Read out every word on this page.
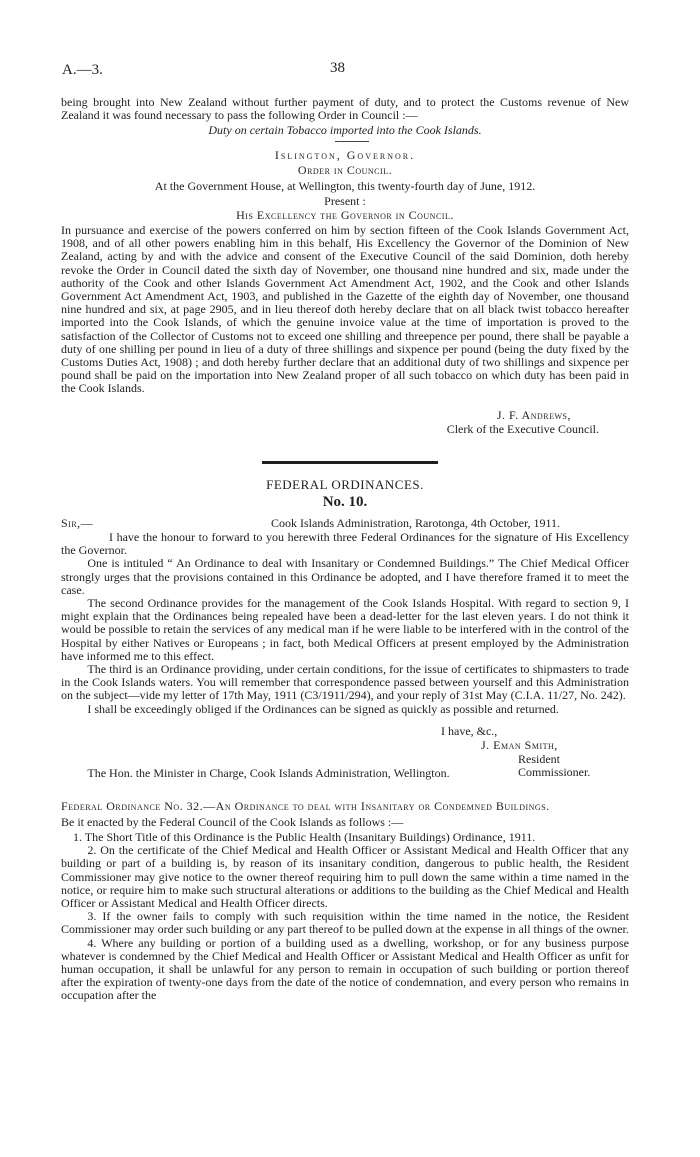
A.—3.	38

being brought into New Zealand without further payment of duty, and to protect the Customs revenue of New Zealand it was found necessary to pass the following Order in Council :—

Duty on certain Tobacco imported into the Cook Islands.
Islington, Governor.
Order in Council.
At the Government House, at Wellington, this twenty-fourth day of June, 1912.
Present :
His Excellency the Governor in Council.

In pursuance and exercise of the powers conferred on him by section fifteen of the Cook Islands Government Act, 1908, and of all other powers enabling him in this behalf, His Excellency the Governor of the Dominion of New Zealand, acting by and with the advice and consent of the Executive Council of the said Dominion, doth hereby revoke the Order in Council dated the sixth day of November, one thousand nine hundred and six, made under the authority of the Cook and other Islands Government Act Amendment Act, 1902, and the Cook and other Islands Government Act Amendment Act, 1903, and published in the Gazette of the eighth day of November, one thousand nine hundred and six, at page 2905, and in lieu thereof doth hereby declare that on all black twist tobacco hereafter imported into the Cook Islands, of which the genuine invoice value at the time of importation is proved to the satisfaction of the Collector of Customs not to exceed one shilling and threepence per pound, there shall be payable a duty of one shilling per pound in lieu of a duty of three shillings and sixpence per pound (being the duty fixed by the Customs Duties Act, 1908) ; and doth hereby further declare that an additional duty of two shillings and sixpence per pound shall be paid on the importation into New Zealand proper of all such tobacco on which duty has been paid in the Cook Islands.

J. F. Andrews,
Clerk of the Executive Council.
FEDERAL ORDINANCES.
No. 10.
Sir,—	Cook Islands Administration, Rarotonga, 4th October, 1911.

I have the honour to forward to you herewith three Federal Ordinances for the signature of His Excellency the Governor.

One is intituled “ An Ordinance to deal with Insanitary or Condemned Buildings.” The Chief Medical Officer strongly urges that the provisions contained in this Ordinance be adopted, and I have therefore framed it to meet the case.

The second Ordinance provides for the management of the Cook Islands Hospital. With regard to section 9, I might explain that the Ordinances being repealed have been a dead-letter for the last eleven years. I do not think it would be possible to retain the services of any medical man if he were liable to be interfered with in the control of the Hospital by either Natives or Europeans ; in fact, both Medical Officers at present employed by the Administration have informed me to this effect.

The third is an Ordinance providing, under certain conditions, for the issue of certificates to shipmasters to trade in the Cook Islands waters. You will remember that correspondence passed between yourself and this Administration on the subject—vide my letter of 17th May, 1911 (C3/1911/294), and your reply of 31st May (C.I.A. 11/27, No. 242).

I shall be exceedingly obliged if the Ordinances can be signed as quickly as possible and returned.

I have, &c.,
J. Eman Smith,
Resident Commissioner.

The Hon. the Minister in Charge, Cook Islands Administration, Wellington.

Federal Ordinance No. 32.—An Ordinance to deal with Insanitary or Condemned Buildings.

Be it enacted by the Federal Council of the Cook Islands as follows :—

1. The Short Title of this Ordinance is the Public Health (Insanitary Buildings) Ordinance, 1911.

2. On the certificate of the Chief Medical and Health Officer or Assistant Medical and Health Officer that any building or part of a building is, by reason of its insanitary condition, dangerous to public health, the Resident Commissioner may give notice to the owner thereof requiring him to pull down the same within a time named in the notice, or require him to make such structural alterations or additions to the building as the Chief Medical and Health Officer or Assistant Medical and Health Officer directs.

3. If the owner fails to comply with such requisition within the time named in the notice, the Resident Commissioner may order such building or any part thereof to be pulled down at the expense in all things of the owner.

4. Where any building or portion of a building used as a dwelling, workshop, or for any business purpose whatever is condemned by the Chief Medical and Health Officer or Assistant Medical and Health Officer as unfit for human occupation, it shall be unlawful for any person to remain in occupation of such building or portion thereof after the expiration of twenty-one days from the date of the notice of condemnation, and every person who remains in occupation after the
